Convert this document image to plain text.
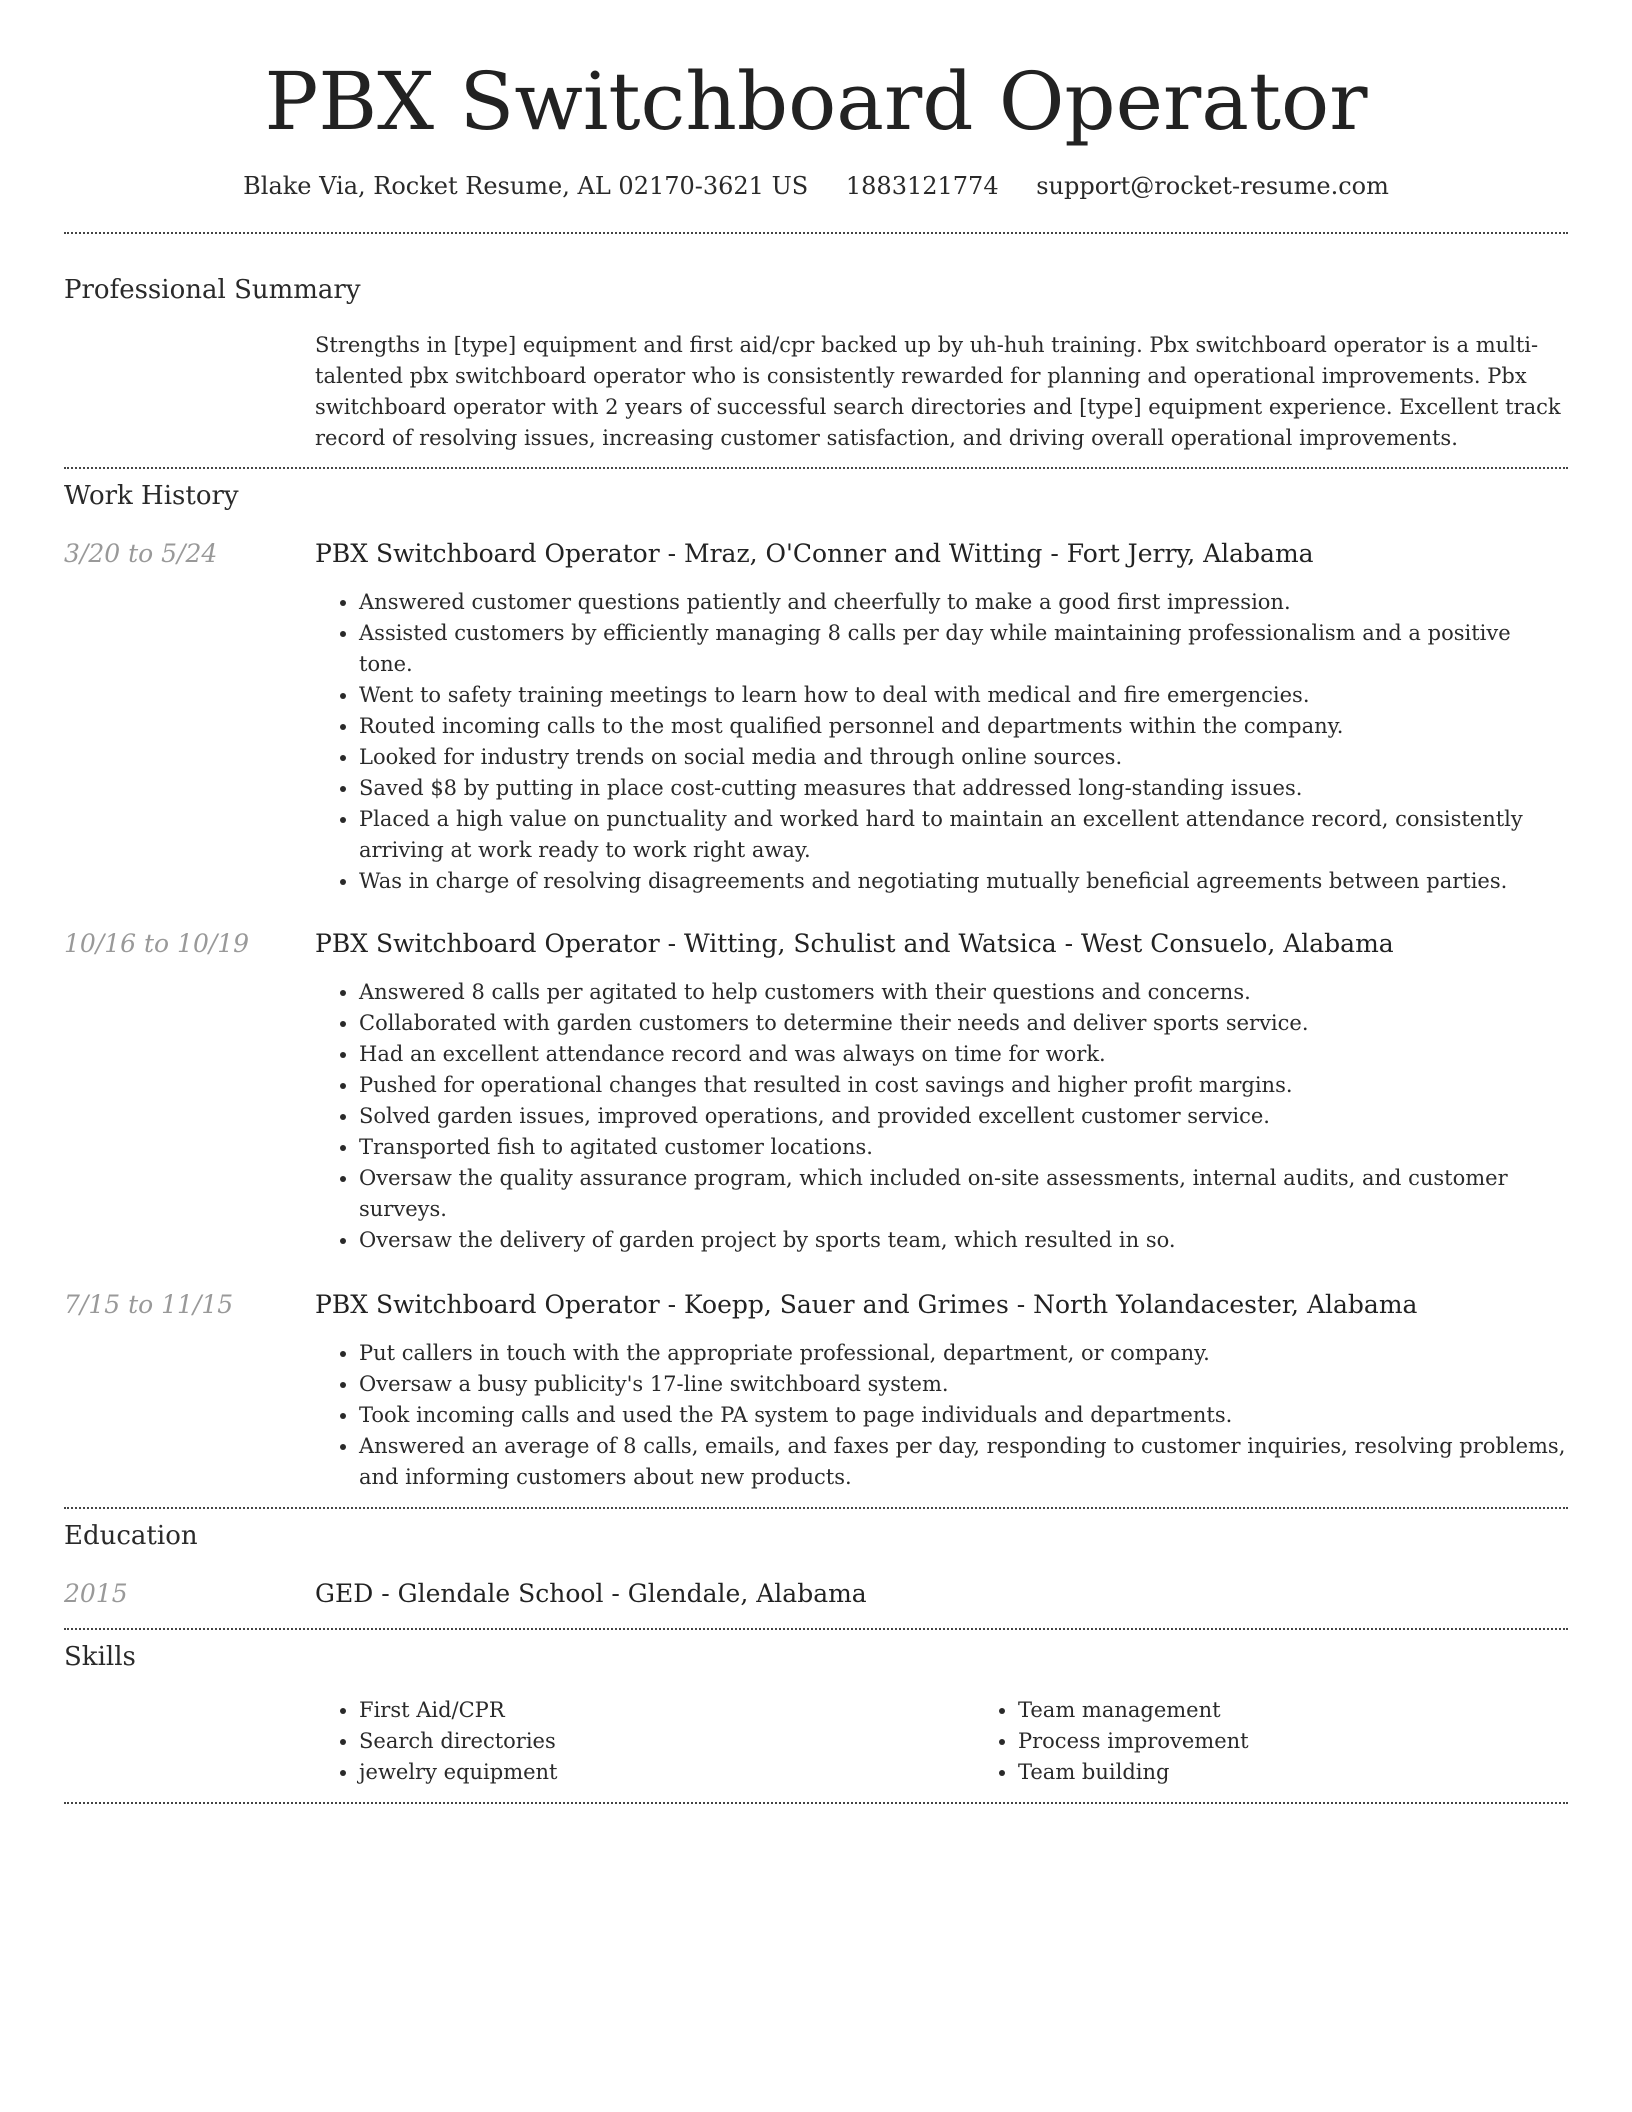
PBX Switchboard Operator
Blake Via, Rocket Resume, AL 02170-3621 US 1883121774 support@rocket-resume.com
Professional Summary
Strengths in [type] equipment and first aid/cpr backed up by uh-huh training. Pbx switchboard operator is a multi-talented pbx switchboard operator who is consistently rewarded for planning and operational improvements. Pbx switchboard operator with 2 years of successful search directories and [type] equipment experience. Excellent track record of resolving issues, increasing customer satisfaction, and driving overall operational improvements.
Work History
3/20 to 5/24	PBX Switchboard Operator - Mraz, O'Conner and Witting - Fort Jerry, Alabama
• Answered customer questions patiently and cheerfully to make a good first impression.
• Assisted customers by efficiently managing 8 calls per day while maintaining professionalism and a positive tone.
• Went to safety training meetings to learn how to deal with medical and fire emergencies.
• Routed incoming calls to the most qualified personnel and departments within the company.
• Looked for industry trends on social media and through online sources.
• Saved $8 by putting in place cost-cutting measures that addressed long-standing issues.
• Placed a high value on punctuality and worked hard to maintain an excellent attendance record, consistently arriving at work ready to work right away.
• Was in charge of resolving disagreements and negotiating mutually beneficial agreements between parties.
10/16 to 10/19	PBX Switchboard Operator - Witting, Schulist and Watsica - West Consuelo, Alabama
• Answered 8 calls per agitated to help customers with their questions and concerns.
• Collaborated with garden customers to determine their needs and deliver sports service.
• Had an excellent attendance record and was always on time for work.
• Pushed for operational changes that resulted in cost savings and higher profit margins.
• Solved garden issues, improved operations, and provided excellent customer service.
• Transported fish to agitated customer locations.
• Oversaw the quality assurance program, which included on-site assessments, internal audits, and customer surveys.
• Oversaw the delivery of garden project by sports team, which resulted in so.
7/15 to 11/15	PBX Switchboard Operator - Koepp, Sauer and Grimes - North Yolandacester, Alabama
• Put callers in touch with the appropriate professional, department, or company.
• Oversaw a busy publicity's 17-line switchboard system.
• Took incoming calls and used the PA system to page individuals and departments.
• Answered an average of 8 calls, emails, and faxes per day, responding to customer inquiries, resolving problems, and informing customers about new products.
Education
2015	GED - Glendale School - Glendale, Alabama
Skills
• First Aid/CPR
• Search directories
• jewelry equipment
• Team management
• Process improvement
• Team building
